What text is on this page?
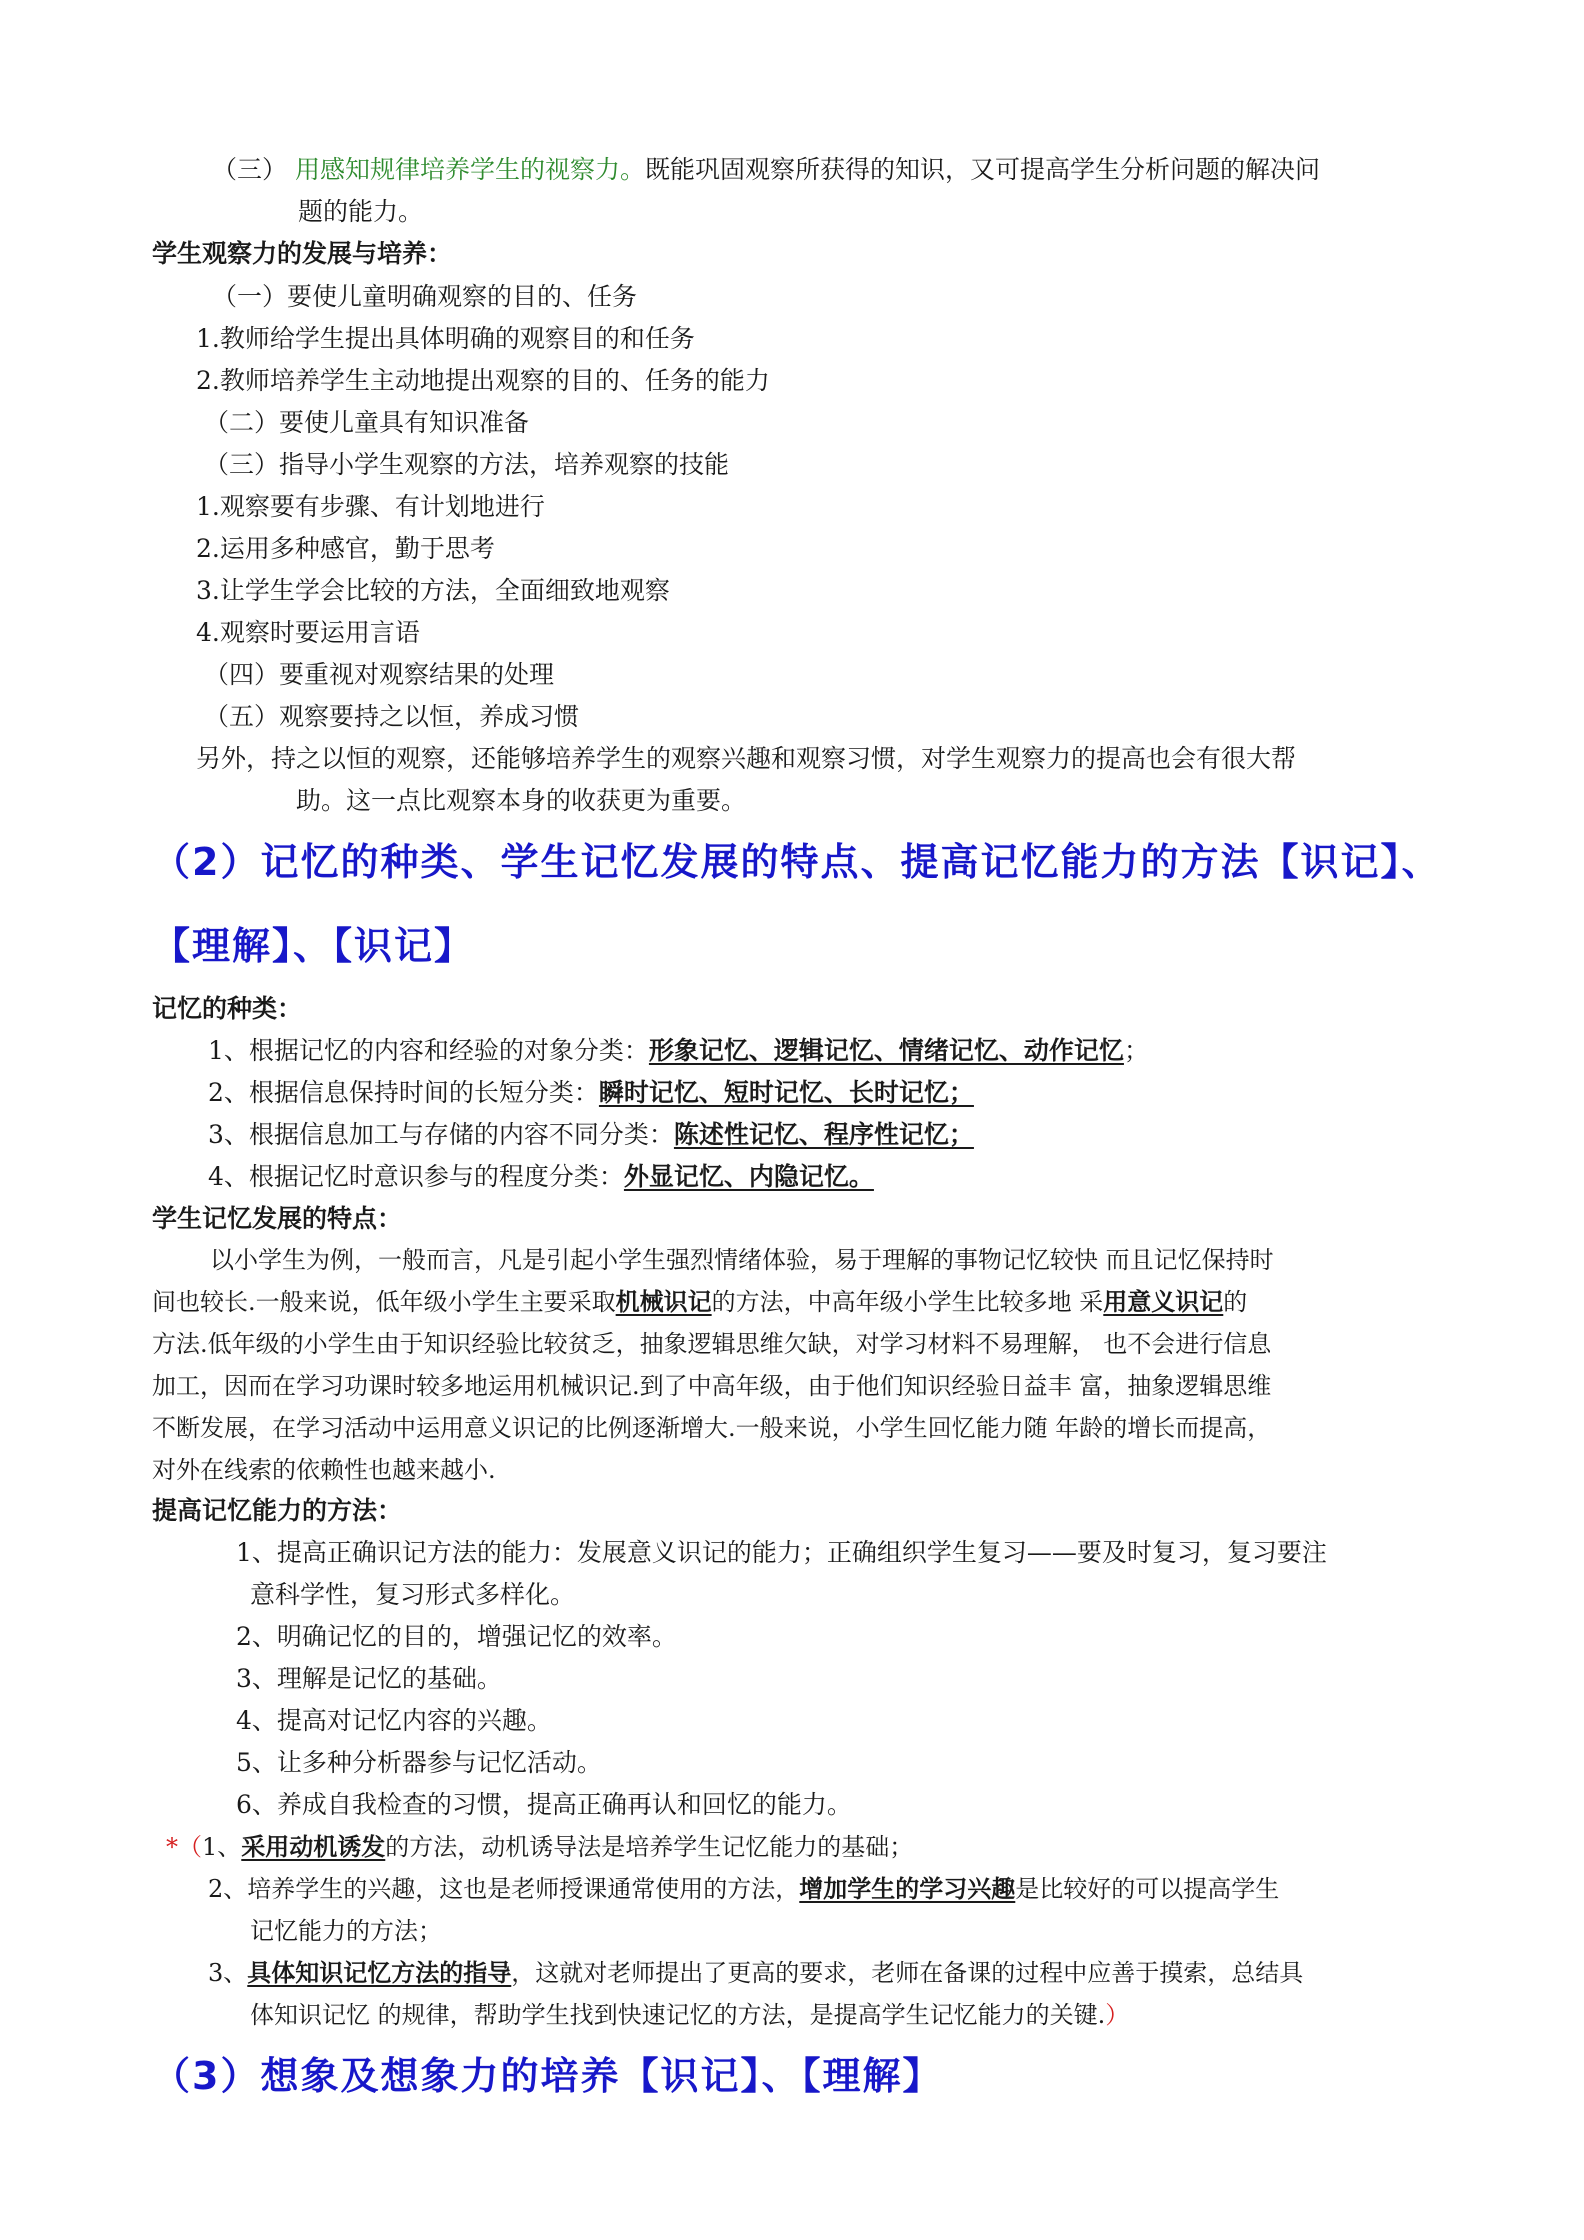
（三） 用感知规律培养学生的视察力。既能巩固观察所获得的知识，又可提高学生分析问题的解决问
题的能力。
学生观察力的发展与培养：
（一）要使儿童明确观察的目的、任务
1.教师给学生提出具体明确的观察目的和任务
2.教师培养学生主动地提出观察的目的、任务的能力
（二）要使儿童具有知识准备
（三）指导小学生观察的方法，培养观察的技能
1.观察要有步骤、有计划地进行
2.运用多种感官，勤于思考
3.让学生学会比较的方法，全面细致地观察
4.观察时要运用言语
（四）要重视对观察结果的处理
（五）观察要持之以恒，养成习惯
另外，持之以恒的观察，还能够培养学生的观察兴趣和观察习惯，对学生观察力的提高也会有很大帮
助。这一点比观察本身的收获更为重要。
（2）记忆的种类、学生记忆发展的特点、提高记忆能力的方法【识记】、
【理解】、【识记】
记忆的种类：
1、根据记忆的内容和经验的对象分类：形象记忆、逻辑记忆、情绪记忆、动作记忆；
2、根据信息保持时间的长短分类：瞬时记忆、短时记忆、长时记忆；
3、根据信息加工与存储的内容不同分类：陈述性记忆、程序性记忆；
4、根据记忆时意识参与的程度分类：外显记忆、内隐记忆。
学生记忆发展的特点：
以小学生为例，一般而言，凡是引起小学生强烈情绪体验，易于理解的事物记忆较快 而且记忆保持时
间也较长.一般来说，低年级小学生主要采取机械识记的方法，中高年级小学生比较多地 采用意义识记的
方法.低年级的小学生由于知识经验比较贫乏，抽象逻辑思维欠缺，对学习材料不易理解， 也不会进行信息
加工，因而在学习功课时较多地运用机械识记.到了中高年级，由于他们知识经验日益丰 富，抽象逻辑思维
不断发展，在学习活动中运用意义识记的比例逐渐增大.一般来说，小学生回忆能力随 年龄的增长而提高，
对外在线索的依赖性也越来越小.
提高记忆能力的方法：
1、提高正确识记方法的能力：发展意义识记的能力；正确组织学生复习——要及时复习，复习要注
意科学性，复习形式多样化。
2、明确记忆的目的，增强记忆的效率。
3、理解是记忆的基础。
4、提高对记忆内容的兴趣。
5、让多种分析器参与记忆活动。
6、养成自我检查的习惯，提高正确再认和回忆的能力。
*（1、采用动机诱发的方法，动机诱导法是培养学生记忆能力的基础；
2、培养学生的兴趣，这也是老师授课通常使用的方法，增加学生的学习兴趣是比较好的可以提高学生
记忆能力的方法；
3、具体知识记忆方法的指导，这就对老师提出了更高的要求，老师在备课的过程中应善于摸索，总结具
体知识记忆 的规律，帮助学生找到快速记忆的方法，是提高学生记忆能力的关键.）
（3）想象及想象力的培养【识记】、【理解】
